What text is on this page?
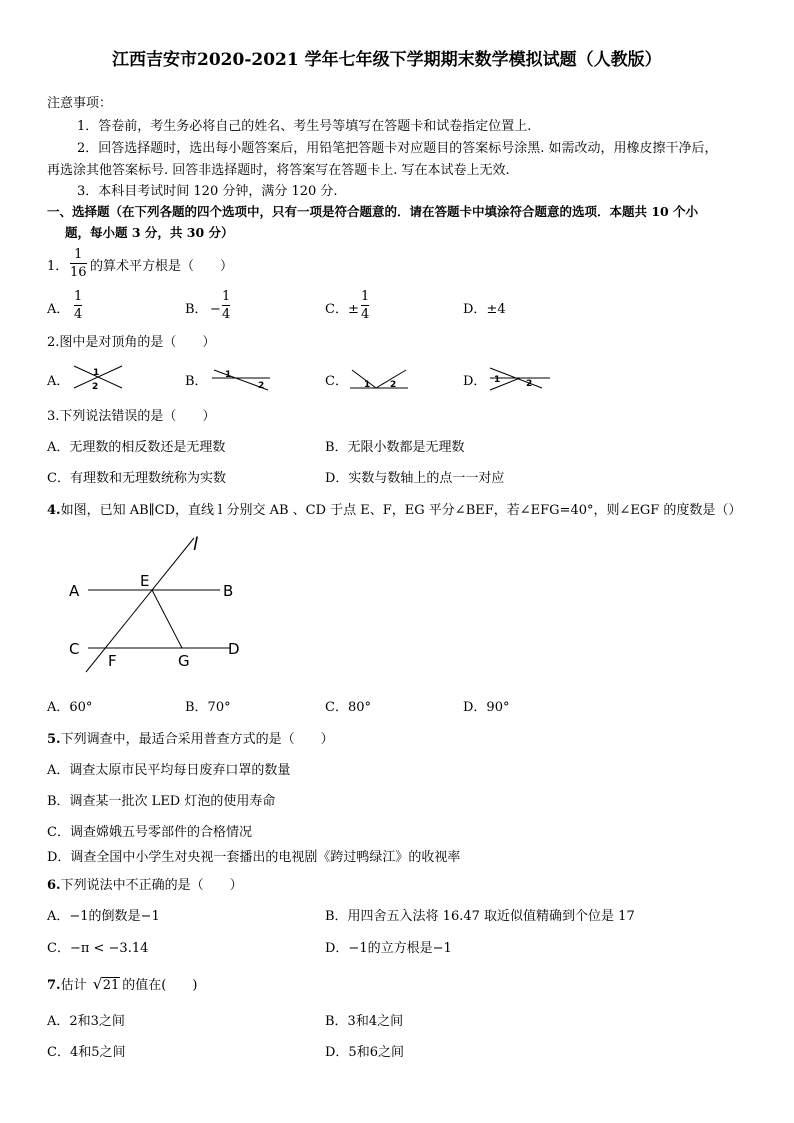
江西吉安市2020-2021 学年七年级下学期期末数学模拟试题（人教版）
注意事项：
1．答卷前，考生务必将自己的姓名、考生号等填写在答题卡和试卷指定位置上.
2．回答选择题时，选出每小题答案后，用铅笔把答题卡对应题目的答案标号涂黑. 如需改动，用橡皮擦干净后，
再选涂其他答案标号. 回答非选择题时，将答案写在答题卡上. 写在本试卷上无效.
3．本科目考试时间 120 分钟，满分 120 分.
一、选择题（在下列各题的四个选项中，只有一项是符合题意的．请在答题卡中填涂符合题意的选项．本题共 10 个小
题，每小题 3 分，共 30 分）
1．
1
16 的算术平方根是（　　）
A．
1
4	B． −
1
4	C． ±
1
4	D．±4
2.图中是对顶角的是（　　）
A．
1
2	B． 1
2	C． 1 2	D． 1	2
3.下列说法错误的是（　　）
A．无理数的相反数还是无理数	B．无限小数都是无理数
C．有理数和无理数统称为实数	D．实数与数轴上的点一一对应
4.如图，已知 AB∥CD，直线 l 分别交 AB 、CD 于点 E、F，EG 平分∠BEF，若∠EFG=40°，则∠EGF 的度数是（）
l
A
E
B
C
F	G
D
A．60°	B．70°	C．80°	D．90°
5.下列调查中，最适合采用普查方式的是（　　）
A．调查太原市民平均每日废弃口罩的数量
B．调查某一批次 LED 灯泡的使用寿命
C．调查嫦娥五号零部件的合格情况
D．调查全国中小学生对央视一套播出的电视剧《跨过鸭绿江》的收视率
6.下列说法中不正确的是（　　）
A．−1的倒数是−1	B．用四舍五入法将 16.47 取近似值精确到个位是 17
C．−π < −3.14	D．−1的立方根是−1
7.估计 √ 21 的值在(　　)
A．2和3之间	B．3和4之间
C．4和5之间	D．5和6之间
